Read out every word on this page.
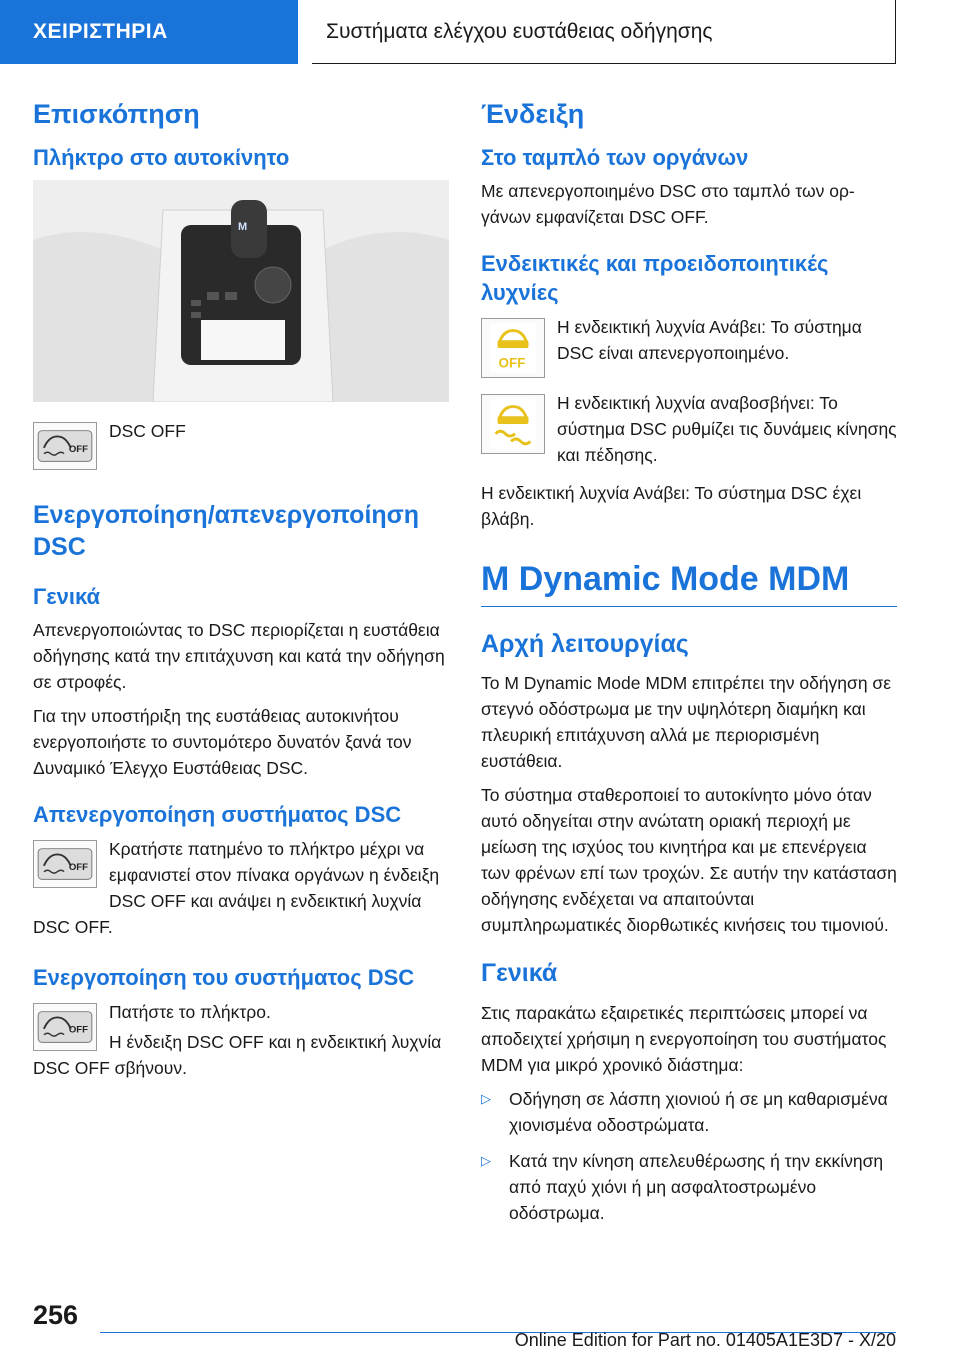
ΧΕΙΡΙΣΤΗΡΙΑ	Συστήματα ελέγχου ευστάθειας οδήγησης
Επισκόπηση
Πλήκτρο στο αυτοκίνητο
M
OFF

DSC OFF

Ενεργοποίηση/απενεργοποίηση DSC
Γενικά

Απενεργοποιώντας το DSC περιορίζεται η ευστάθεια οδήγησης κατά την επιτάχυνση και κατά την οδήγηση σε στροφές.

Για την υποστήριξη της ευστάθειας αυτοκινήτου ενεργοποιήστε το συντομότερο δυνατόν ξανά τον Δυναμικό Έλεγχο Ευστάθειας DSC.

Απενεργοποίηση συστήματος DSC
OFF

Κρατήστε πατημένο το πλήκτρο μέχρι να εμφανιστεί στον πίνακα οργάνων η ένδειξη DSC OFF και ανάψει η ενδεικτική λυχνία DSC OFF.

Ενεργοποίηση του συστήματος DSC
OFF

Πατήστε το πλήκτρο.

Η ένδειξη DSC OFF και η ενδεικτική λυχνία DSC OFF σβήνουν.

Ένδειξη
Στο ταμπλό των οργάνων

Με απενεργοποιημένο DSC στο ταμπλό των οργάνων εμφανίζεται DSC OFF.

Ενδεικτικές και προειδοποιητικές λυχνίες
OFF

Η ενδεικτική λυχνία Ανάβει: Το σύστημα DSC είναι απενεργοποιημένο.

Η ενδεικτική λυχνία αναβοσβήνει: Το σύστημα DSC ρυθμίζει τις δυνάμεις κίνησης και πέδησης.

Η ενδεικτική λυχνία Ανάβει: Το σύστημα DSC έχει βλάβη.

M Dynamic Mode MDM
Αρχή λειτουργίας

Το M Dynamic Mode MDM επιτρέπει την οδήγηση σε στεγνό οδόστρωμα με την υψηλότερη διαμήκη και πλευρική επιτάχυνση αλλά με περιορισμένη ευστάθεια.

Το σύστημα σταθεροποιεί το αυτοκίνητο μόνο όταν αυτό οδηγείται στην ανώτατη οριακή περιοχή με μείωση της ισχύος του κινητήρα και με επενέργεια των φρένων επί των τροχών. Σε αυτήν την κατάσταση οδήγησης ενδέχεται να απαιτούνται συμπληρωματικές διορθωτικές κινήσεις του τιμονιού.

Γενικά

Στις παρακάτω εξαιρετικές περιπτώσεις μπορεί να αποδειχτεί χρήσιμη η ενεργοποίηση του συστήματος MDM για μικρό χρονικό διάστημα:

▷ Οδήγηση σε λάσπη χιονιού ή σε μη καθαρισμένα χιονισμένα οδοστρώματα.
▷ Κατά την κίνηση απελευθέρωσης ή την εκκίνηση από παχύ χιόνι ή μη ασφαλτοστρωμένο οδόστρωμα.
256
Online Edition for Part no. 01405A1E3D7 - X/20
